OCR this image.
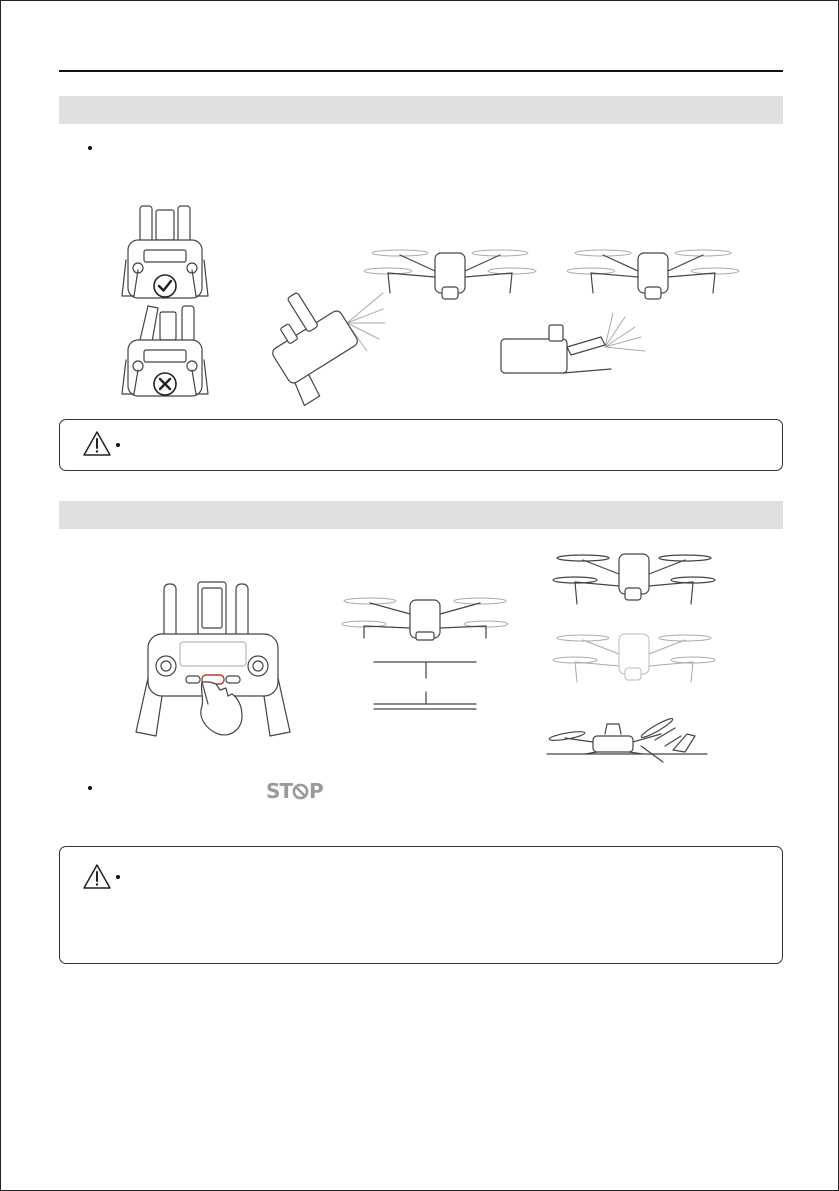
ST P
